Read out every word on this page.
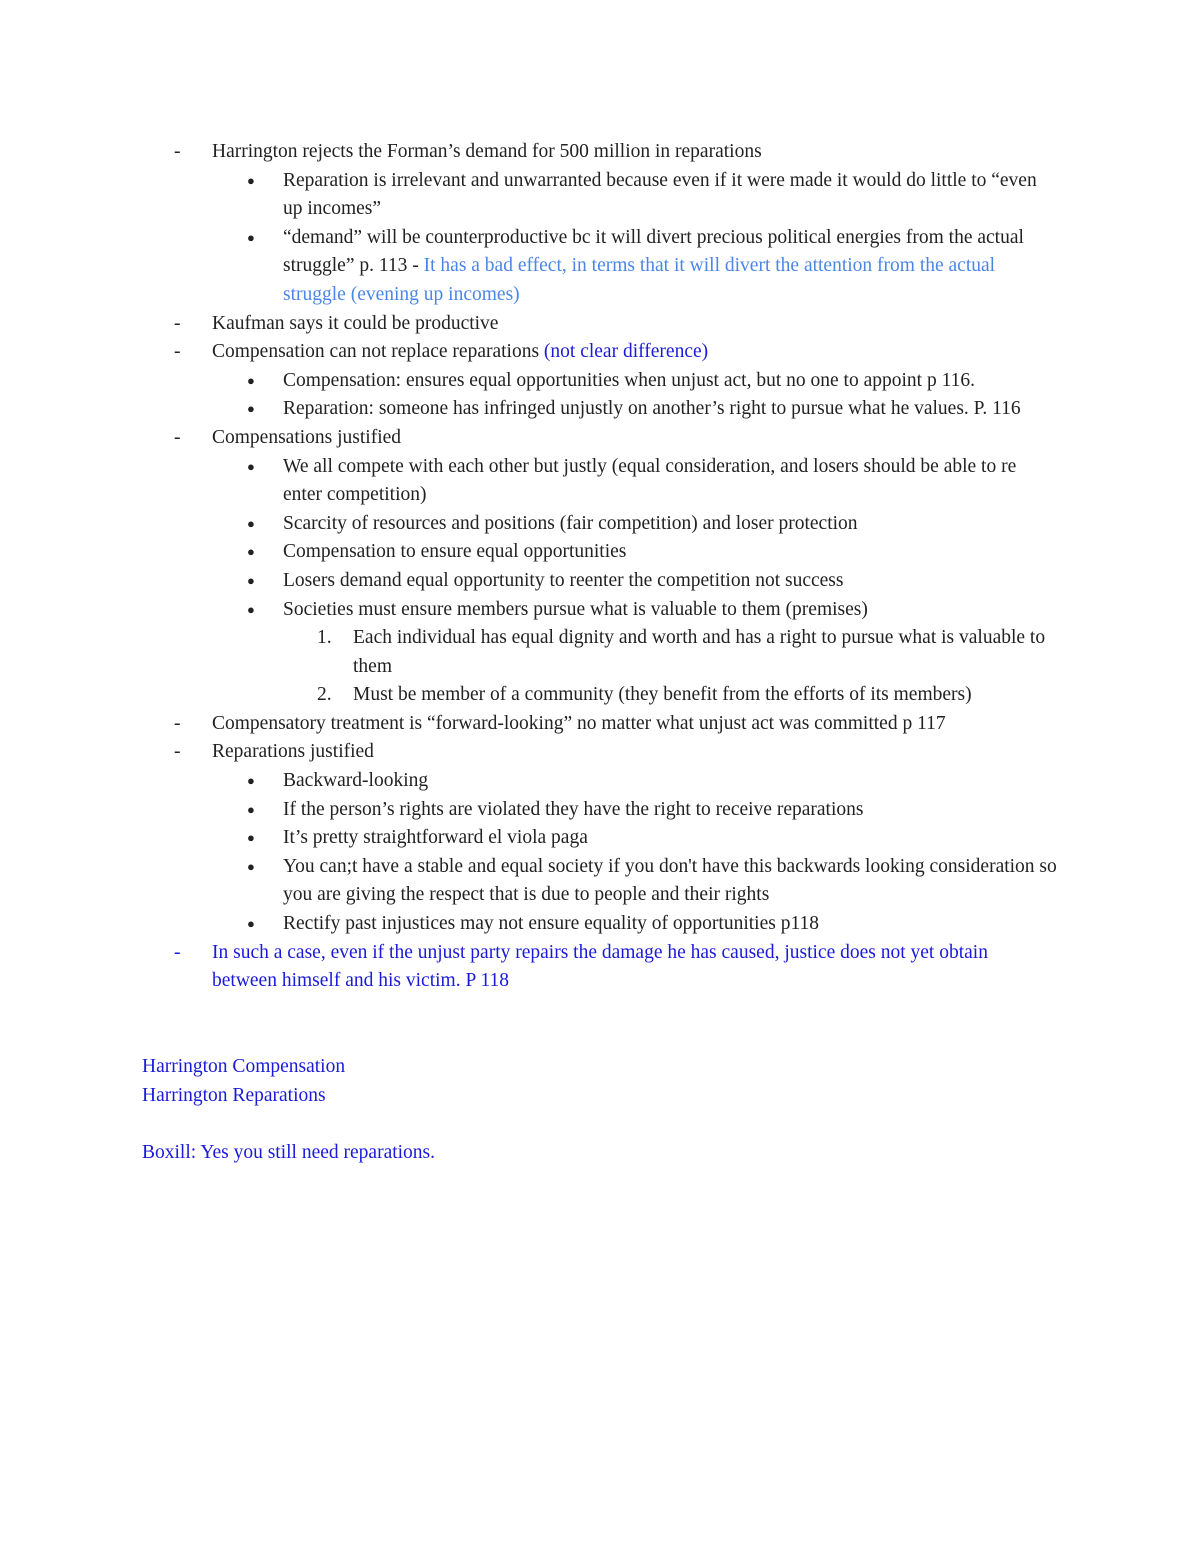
- Harrington rejects the Forman’s demand for 500 million in reparations
● Reparation is irrelevant and unwarranted because even if it were made it would do little to “even up incomes”
● “demand” will be counterproductive bc it will divert precious political energies from the actual struggle” p. 113 - It has a bad effect, in terms that it will divert the attention from the actual struggle (evening up incomes)
- Kaufman says it could be productive
- Compensation can not replace reparations (not clear difference)
● Compensation: ensures equal opportunities when unjust act, but no one to appoint p 116.
● Reparation: someone has infringed unjustly on another’s right to pursue what he values. P. 116
- Compensations justified
● We all compete with each other but justly (equal consideration, and losers should be able to re enter competition)
● Scarcity of resources and positions (fair competition) and loser protection
● Compensation to ensure equal opportunities
● Losers demand equal opportunity to reenter the competition not success
● Societies must ensure members pursue what is valuable to them (premises)
1. Each individual has equal dignity and worth and has a right to pursue what is valuable to them
2. Must be member of a community (they benefit from the efforts of its members)
- Compensatory treatment is “forward-looking” no matter what unjust act was committed p 117
- Reparations justified
● Backward-looking
● If the person’s rights are violated they have the right to receive reparations
● It’s pretty straightforward el viola paga
● You can;t have a stable and equal society if you don't have this backwards looking consideration so you are giving the respect that is due to people and their rights
● Rectify past injustices may not ensure equality of opportunities p118
- In such a case, even if the unjust party repairs the damage he has caused, justice does not yet obtain between himself and his victim. P 118
Harrington Compensation
Harrington Reparations
Boxill: Yes you still need reparations.
